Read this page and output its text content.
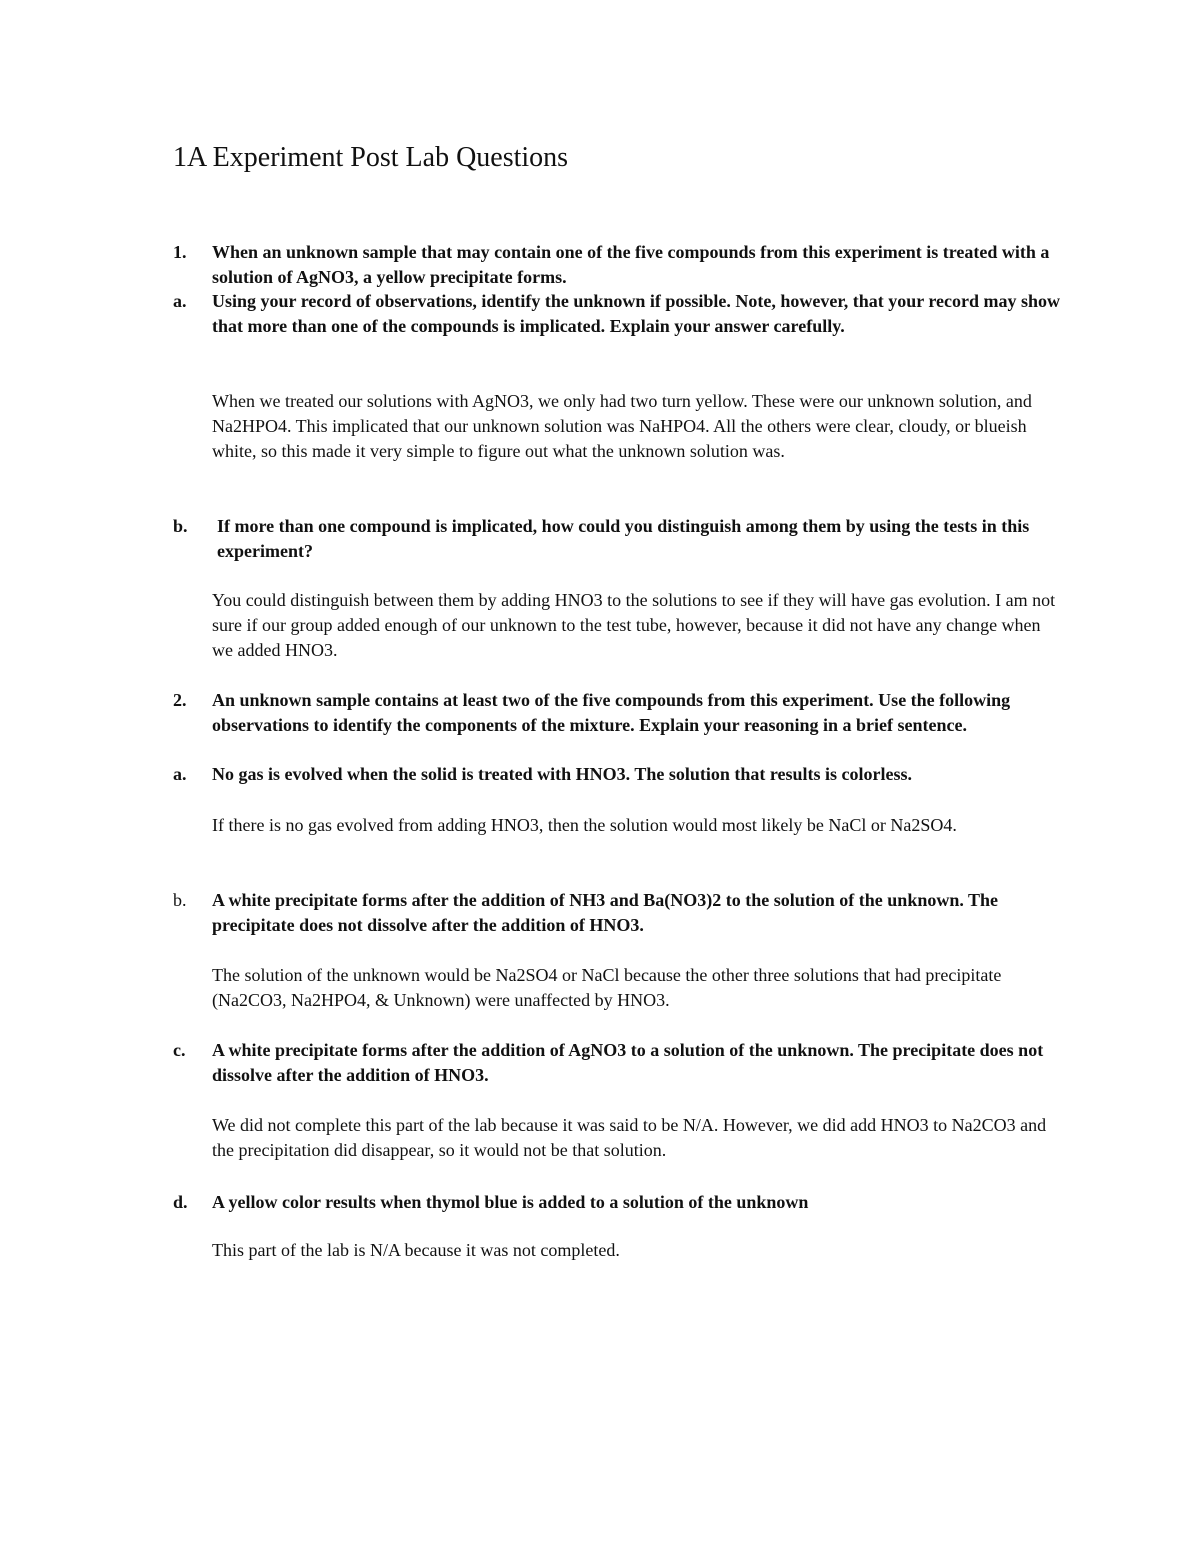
1A Experiment Post Lab Questions
1.	When an unknown sample that may contain one of the five compounds from this experiment is treated with a solution of AgNO3, a yellow precipitate forms.
a.	Using your record of observations, identify the unknown if possible. Note, however, that your record may show that more than one of the compounds is implicated. Explain your answer carefully.
When we treated our solutions with AgNO3, we only had two turn yellow. These were our unknown solution, and Na2HPO4. This implicated that our unknown solution was NaHPO4. All the others were clear, cloudy, or blueish white, so this made it very simple to figure out what the unknown solution was.
b.	If more than one compound is implicated, how could you distinguish among them by using the tests in this experiment?
You could distinguish between them by adding HNO3 to the solutions to see if they will have gas evolution. I am not sure if our group added enough of our unknown to the test tube, however, because it did not have any change when we added HNO3.
2.	An unknown sample contains at least two of the five compounds from this experiment. Use the following observations to identify the components of the mixture. Explain your reasoning in a brief sentence.
a.	No gas is evolved when the solid is treated with HNO3. The solution that results is colorless.
If there is no gas evolved from adding HNO3, then the solution would most likely be NaCl or Na2SO4.
b.	A white precipitate forms after the addition of NH3 and Ba(NO3)2 to the solution of the unknown. The precipitate does not dissolve after the addition of HNO3.
The solution of the unknown would be Na2SO4 or NaCl because the other three solutions that had precipitate (Na2CO3, Na2HPO4, & Unknown) were unaffected by HNO3.
c.	A white precipitate forms after the addition of AgNO3 to a solution of the unknown. The precipitate does not dissolve after the addition of HNO3.
We did not complete this part of the lab because it was said to be N/A. However, we did add HNO3 to Na2CO3 and the precipitation did disappear, so it would not be that solution.
d.	A yellow color results when thymol blue is added to a solution of the unknown
This part of the lab is N/A because it was not completed.
